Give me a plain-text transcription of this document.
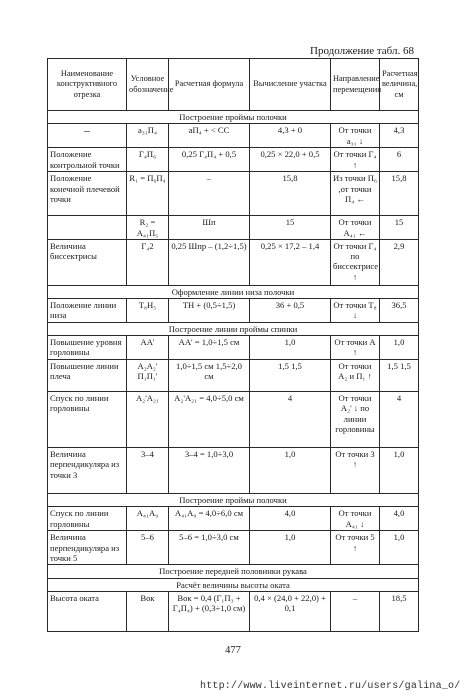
Продолжение табл. 68
Наименование конструктивного отрезка	Условное обозначение	Расчетная формула	Вычисление участка	Направление перемещения	Расчетная величина, см
Построение проймы полочки					
–	а₃₁П₄	аП₄ + < СС	4,3 + 0	От точки а₃₁ ↓	4,3
Положение контрольной точки	Г₄П₆	0,25 Г₄П₄ + 0,5	0,25 × 22,0 + 0,5	От точки Г₄ ↑	6
Положение конечной плечевой точки	R₁ = П₆П₄	–	15,8	Из точки П₆ ,от точки П₄ ←	15,8
	R₂ = А₄₁П₅	Шп	15	От точки А₄₁ ←	15
Величина биссектрисы	Г₄2	0,25 Шпр – (1,2÷1,5)	0,25 × 17,2 – 1,4	От точки Г₄ по биссектрисе ↑	2,9
Оформление линии низа полочки					
Положение линии низа	Т₈Н₅	ТН + (0,5÷1,5)	36 + 0,5	От точки Т₈ ↓	36,5
Построение линии проймы спинки					
Повышение уровня горловины	АА'	АА' = 1,0÷1,5 см	1,0	От точки А ↑	1,0
Повышение линии плеча	А₂А₂' П₁П₁'	1,0÷1,5 см 1,5÷2,0 см	1,5 1,5	От точки А₂ и П₁ ↑	1,5 1,5
Спуск по линии горловины	А₂'А₂₁	А₂'А₂₁ = 4,0÷5,0 см	4	От точки А₂' ↓ по линии горловины	4
Величина перпендикуляра из точки 3	3–4	3–4 = 1,0÷3,0	1,0	От точки 3 ↑	1,0
Построение проймы полочки					
Спуск по линии горловины	А₄₁А₉	А₄₁А₉ = 4,0÷6,0 см	4,0	От точки А₄₁ ↓	4,0
Величина перпендикуляра из точки 5	5–6	5–6 = 1,0÷3,0 см	1,0	От точки 5 ↑	1,0
Построение передней половинки рукава					
Расчёт величины высоты оката					
Высота оката	Вок	Вок = 0,4 (Г₁П₃ + Г₄П₄) + (0,3÷1,0 см)	0,4 × (24,0 + 22,0) + 0,1	–	18,5
477
http://www.liveinternet.ru/users/galina_o/
